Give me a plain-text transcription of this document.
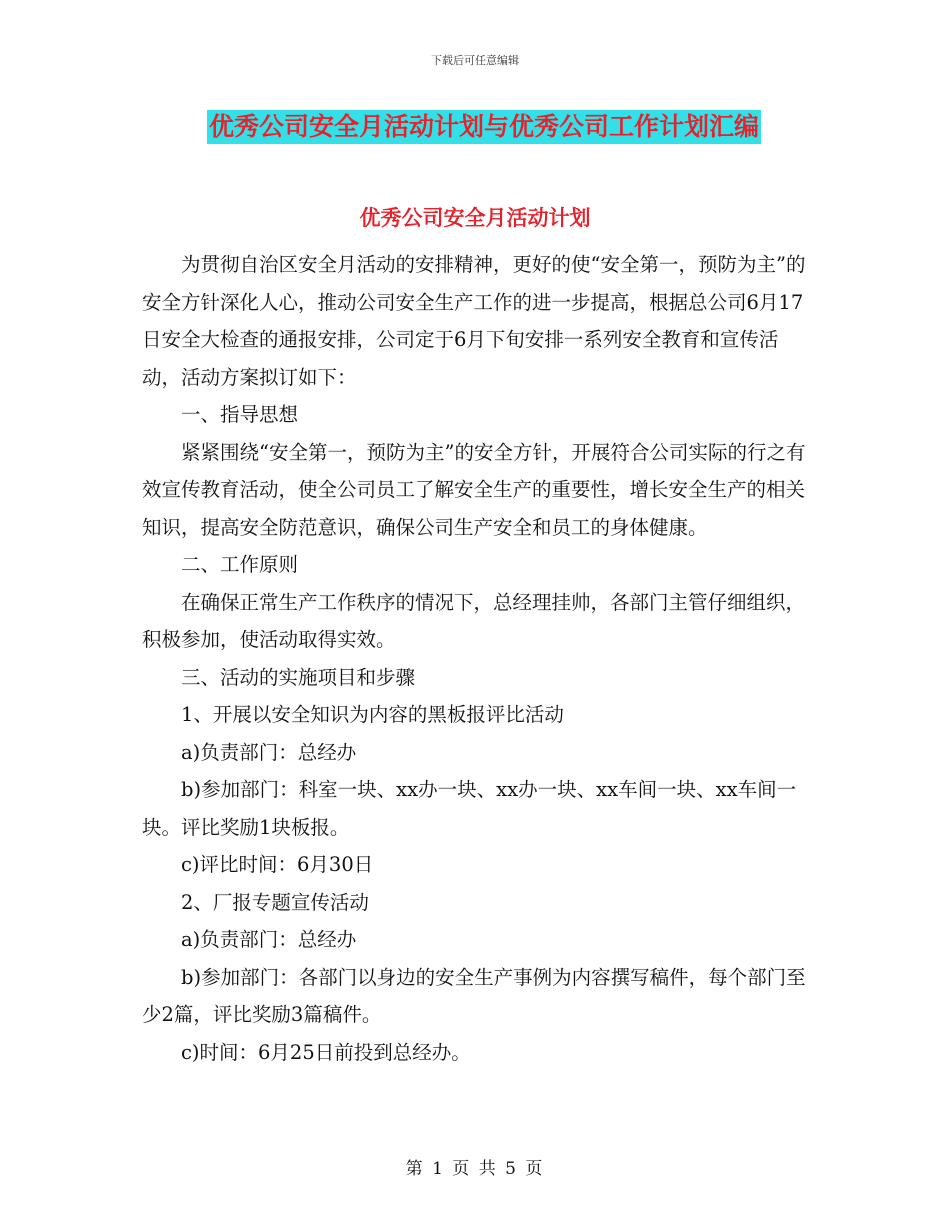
下载后可任意编辑
优秀公司安全月活动计划与优秀公司工作计划汇编
优秀公司安全月活动计划

为贯彻自治区安全月活动的安排精神，更好的使“安全第一，预防为主”的安全方针深化人心，推动公司安全生产工作的进一步提高，根据总公司6月17日安全大检查的通报安排，公司定于6月下旬安排一系列安全教育和宣传活动，活动方案拟订如下：

一、指导思想

紧紧围绕“安全第一，预防为主”的安全方针，开展符合公司实际的行之有效宣传教育活动，使全公司员工了解安全生产的重要性，增长安全生产的相关知识，提高安全防范意识，确保公司生产安全和员工的身体健康。

二、工作原则

在确保正常生产工作秩序的情况下，总经理挂帅，各部门主管仔细组织，积极参加，使活动取得实效。

三、活动的实施项目和步骤

1、开展以安全知识为内容的黑板报评比活动

a)负责部门：总经办

b)参加部门：科室一块、xx办一块、xx办一块、xx车间一块、xx车间一块。评比奖励1块板报。

c)评比时间：6月30日

2、厂报专题宣传活动

a)负责部门：总经办

b)参加部门：各部门以身边的安全生产事例为内容撰写稿件，每个部门至少2篇，评比奖励3篇稿件。

c)时间：6月25日前投到总经办。

第 1 页 共 5 页
